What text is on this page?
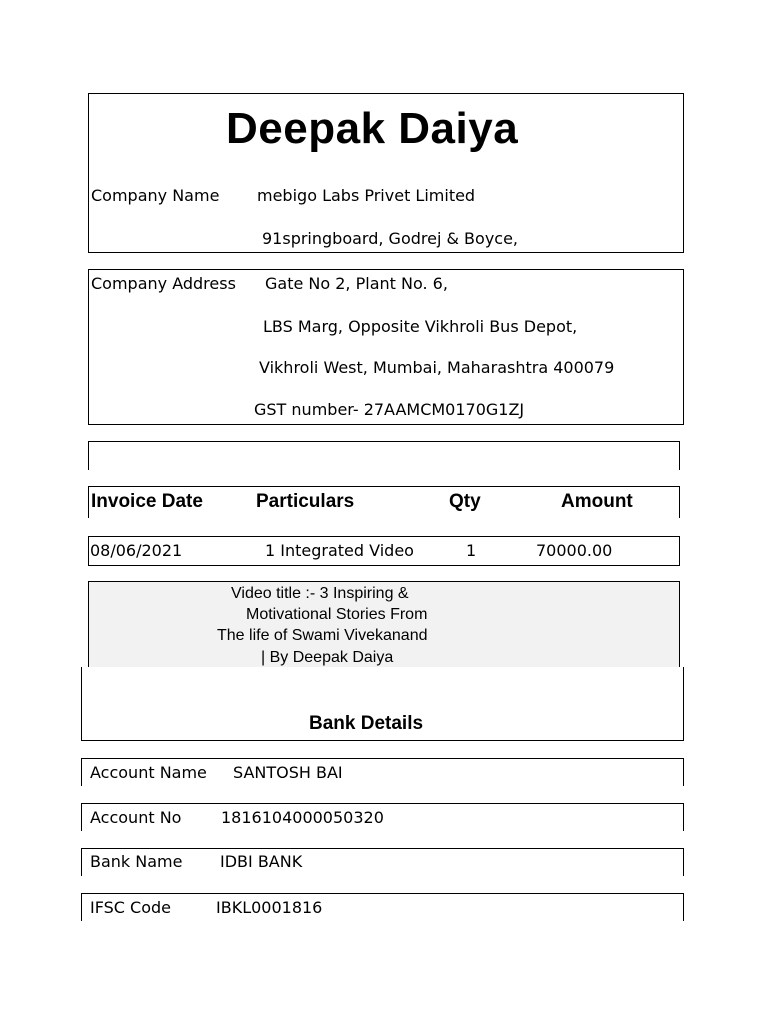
Deepak Daiya
Company Name mebigo Labs Privet Limited
91springboard, Godrej & Boyce,
Company Address Gate No 2, Plant No. 6,
LBS Marg, Opposite Vikhroli Bus Depot,
Vikhroli West, Mumbai, Maharashtra 400079
GST number- 27AAMCM0170G1ZJ
Invoice Date	Particulars	Qty	Amount
08/06/2021	1 Integrated Video	1	70000.00
Video title :- 3 Inspiring &
Motivational Stories From
The life of Swami Vivekanand
| By Deepak Daiya
Bank Details
Account Name SANTOSH BAI
Account No 1816104000050320
Bank Name IDBI BANK
IFSC Code	IBKL0001816
